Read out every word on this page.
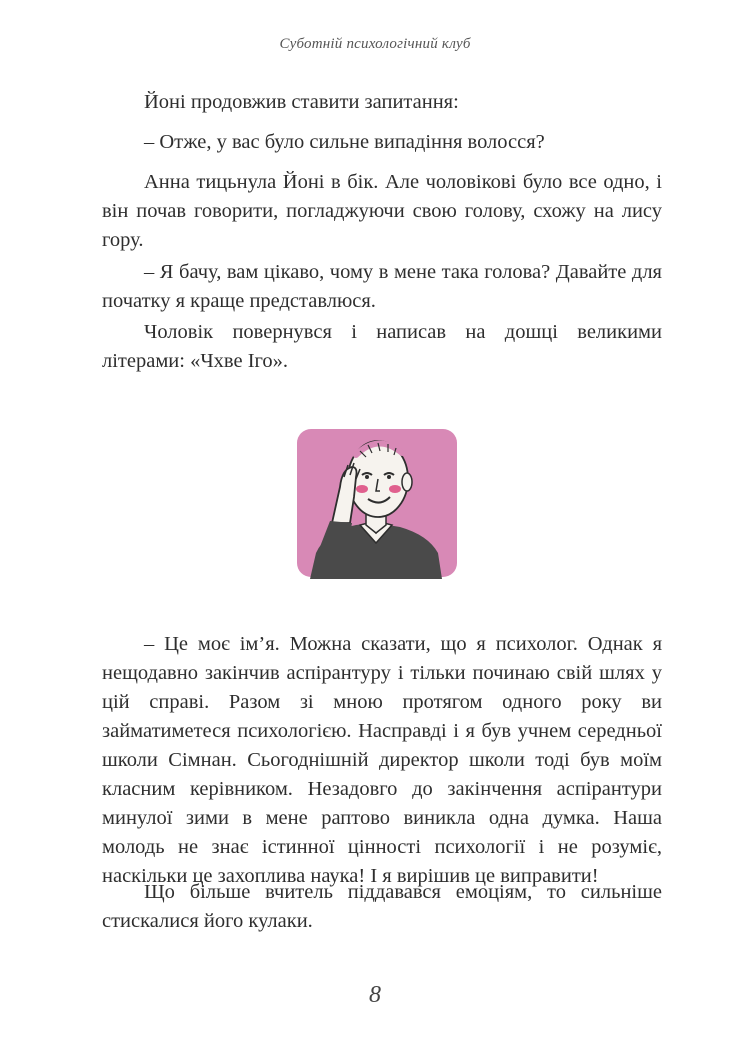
Суботній психологічний клуб

Йоні продовжив ставити запитання:

– Отже, у вас було сильне випадіння волосся?

Анна тицьнула Йоні в бік. Але чоловікові було все одно, і він почав говорити, погладжуючи свою голову, схожу на лису гору.

– Я бачу, вам цікаво, чому в мене така голова? Давайте для початку я краще представлюся.

Чоловік повернувся і написав на дошці великими літерами: «Чхве Іго».

– Це моє ім’я. Можна сказати, що я психолог. Однак я нещодавно закінчив аспірантуру і тільки починаю свій шлях у цій справі. Разом зі мною протягом одного року ви займатиметеся психологією. Насправді і я був учнем середньої школи Сімнан. Сьогоднішній директор школи тоді був моїм класним керівником. Незадовго до закінчення аспірантури минулої зими в мене раптово виникла одна думка. Наша молодь не знає істинної цінності психології і не розуміє, наскільки це захоплива наука! І я вирішив це виправити!

Що більше вчитель піддавався емоціям, то сильніше стискалися його кулаки.

8
